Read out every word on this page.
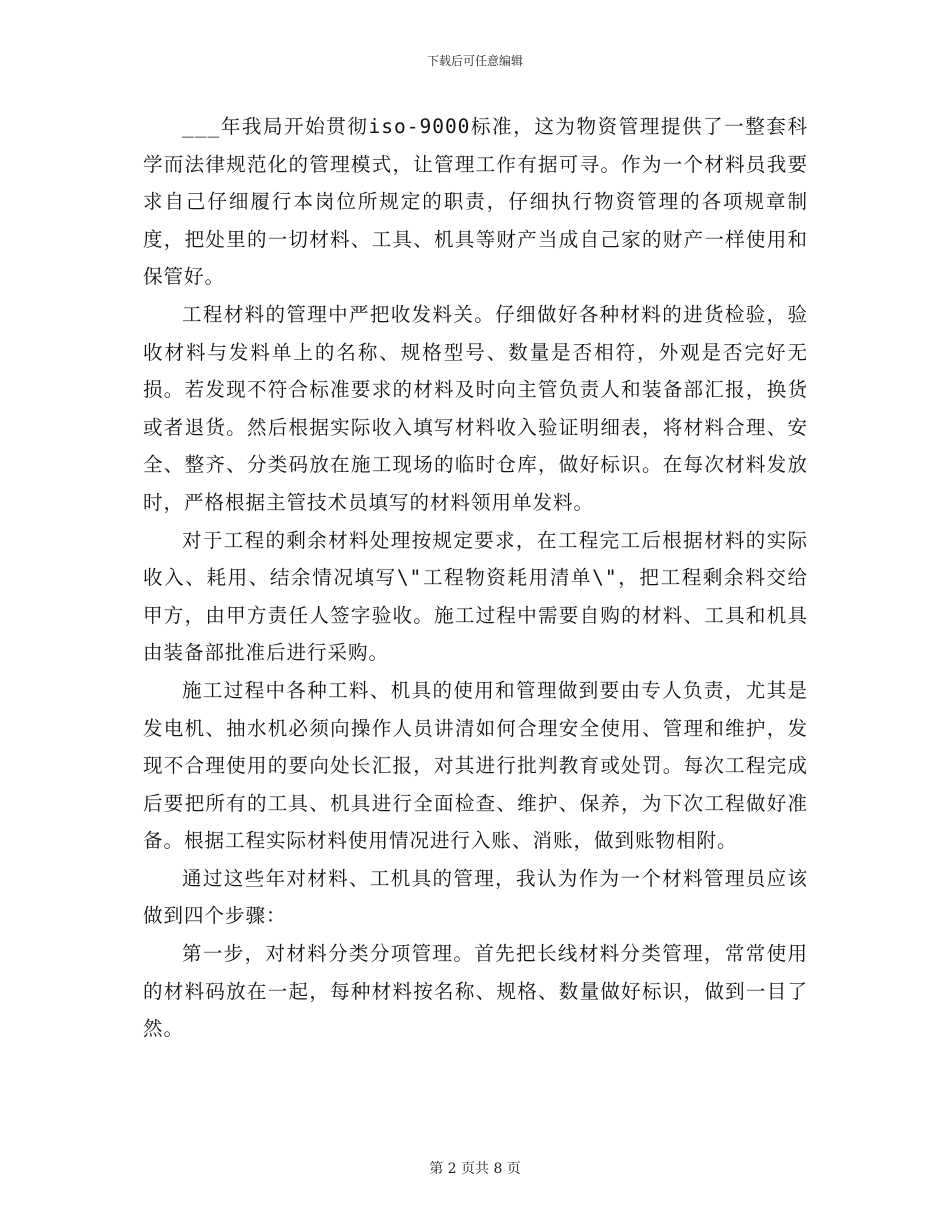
下载后可任意编辑

___年我局开始贯彻iso-9000标准，这为物资管理提供了一整套科学而法律规范化的管理模式，让管理工作有据可寻。作为一个材料员我要求自己仔细履行本岗位所规定的职责，仔细执行物资管理的各项规章制度，把处里的一切材料、工具、机具等财产当成自己家的财产一样使用和保管好。

工程材料的管理中严把收发料关。仔细做好各种材料的进货检验，验收材料与发料单上的名称、规格型号、数量是否相符，外观是否完好无损。若发现不符合标准要求的材料及时向主管负责人和装备部汇报，换货或者退货。然后根据实际收入填写材料收入验证明细表，将材料合理、安全、整齐、分类码放在施工现场的临时仓库，做好标识。在每次材料发放时，严格根据主管技术员填写的材料领用单发料。

对于工程的剩余材料处理按规定要求，在工程完工后根据材料的实际收入、耗用、结余情况填写\"工程物资耗用清单\"，把工程剩余料交给甲方，由甲方责任人签字验收。施工过程中需要自购的材料、工具和机具由装备部批准后进行采购。

施工过程中各种工料、机具的使用和管理做到要由专人负责，尤其是发电机、抽水机必须向操作人员讲清如何合理安全使用、管理和维护，发现不合理使用的要向处长汇报，对其进行批判教育或处罚。每次工程完成后要把所有的工具、机具进行全面检查、维护、保养，为下次工程做好准备。根据工程实际材料使用情况进行入账、消账，做到账物相附。

通过这些年对材料、工机具的管理，我认为作为一个材料管理员应该做到四个步骤：

第一步，对材料分类分项管理。首先把长线材料分类管理，常常使用的材料码放在一起，每种材料按名称、规格、数量做好标识，做到一目了然。

第 2 页共 8 页
